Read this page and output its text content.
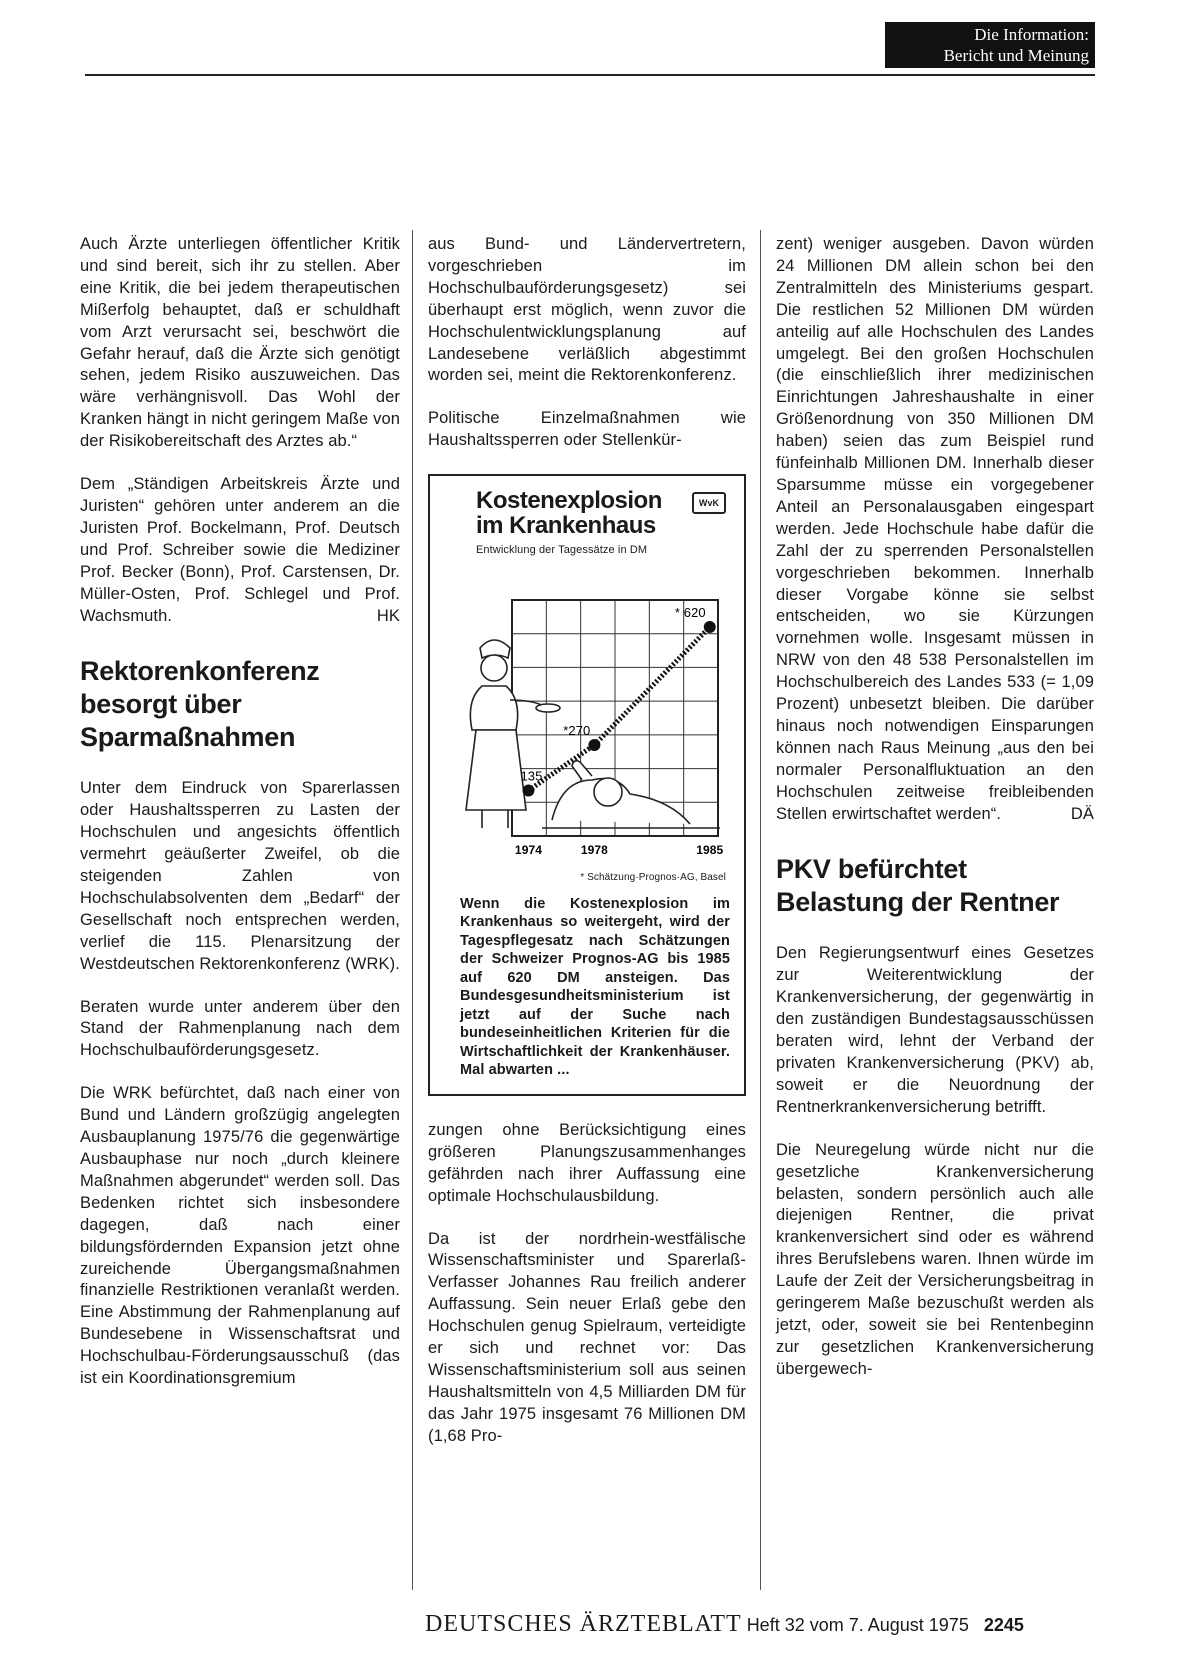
Die Information:
Bericht und Meinung

Auch Ärzte unterliegen öffentlicher Kritik und sind bereit, sich ihr zu stellen. Aber eine Kritik, die bei jedem therapeutischen Mißerfolg behauptet, daß er schuldhaft vom Arzt verursacht sei, beschwört die Gefahr herauf, daß die Ärzte sich genötigt sehen, jedem Risiko auszuweichen. Das wäre verhängnisvoll. Das Wohl der Kranken hängt in nicht geringem Maße von der Risikobereitschaft des Arztes ab.“

Dem „Ständigen Arbeitskreis Ärzte und Juristen“ gehören unter anderem an die Juristen Prof. Bockelmann, Prof. Deutsch und Prof. Schreiber sowie die Mediziner Prof. Becker (Bonn), Prof. Carstensen, Dr. Müller-Osten, Prof. Schlegel und Prof. Wachsmuth.	HK

Rektorenkonferenz besorgt über Sparmaßnahmen

Unter dem Eindruck von Sparerlassen oder Haushaltssperren zu Lasten der Hochschulen und angesichts öffentlich vermehrt geäußerter Zweifel, ob die steigenden Zahlen von Hochschulabsolventen dem „Bedarf“ der Gesellschaft noch entsprechen werden, verlief die 115. Plenarsitzung der Westdeutschen Rektorenkonferenz (WRK).

Beraten wurde unter anderem über den Stand der Rahmenplanung nach dem Hochschulbauförderungsgesetz.

Die WRK befürchtet, daß nach einer von Bund und Ländern großzügig angelegten Ausbauplanung 1975/76 die gegenwärtige Ausbauphase nur noch „durch kleinere Maßnahmen abgerundet“ werden soll. Das Bedenken richtet sich insbesondere dagegen, daß nach einer bildungsfördernden Expansion jetzt ohne zureichende Übergangsmaßnahmen finanzielle Restriktionen veranlaßt werden. Eine Abstimmung der Rahmenplanung auf Bundesebene in Wissenschaftsrat und Hochschulbau-Förderungsausschuß (das ist ein Koordinationsgremium

aus Bund- und Ländervertretern, vorgeschrieben im Hochschulbauförderungsgesetz) sei überhaupt erst möglich, wenn zuvor die Hochschulentwicklungsplanung auf Landesebene verläßlich abgestimmt worden sei, meint die Rektorenkonferenz.

Politische Einzelmaßnahmen wie Haushaltssperren oder Stellenkür-

WvK
Kostenexplosion
im Krankenhaus
Entwicklung der Tagessätze in DM
135
*270
* 620
1974	1978	1985
* Schätzung·Prognos·AG, Basel
Wenn die Kostenexplosion im Krankenhaus so weitergeht, wird der Tagespflegesatz nach Schätzungen der Schweizer Prognos-AG bis 1985 auf 620 DM ansteigen. Das Bundesgesundheitsministerium ist jetzt auf der Suche nach bundeseinheitlichen Kriterien für die Wirtschaftlichkeit der Krankenhäuser. Mal abwarten ...

zungen ohne Berücksichtigung eines größeren Planungszusammenhanges gefährden nach ihrer Auffassung eine optimale Hochschulausbildung.

Da ist der nordrhein-westfälische Wissenschaftsminister und Sparerlaß-Verfasser Johannes Rau freilich anderer Auffassung. Sein neuer Erlaß gebe den Hochschulen genug Spielraum, verteidigte er sich und rechnet vor: Das Wissenschaftsministerium soll aus seinen Haushaltsmitteln von 4,5 Milliarden DM für das Jahr 1975 insgesamt 76 Millionen DM (1,68 Pro-

zent) weniger ausgeben. Davon würden 24 Millionen DM allein schon bei den Zentralmitteln des Ministeriums gespart. Die restlichen 52 Millionen DM würden anteilig auf alle Hochschulen des Landes umgelegt. Bei den großen Hochschulen (die einschließlich ihrer medizinischen Einrichtungen Jahreshaushalte in einer Größenordnung von 350 Millionen DM haben) seien das zum Beispiel rund fünfeinhalb Millionen DM. Innerhalb dieser Sparsumme müsse ein vorgegebener Anteil an Personalausgaben eingespart werden. Jede Hochschule habe dafür die Zahl der zu sperrenden Personalstellen vorgeschrieben bekommen. Innerhalb dieser Vorgabe könne sie selbst entscheiden, wo sie Kürzungen vornehmen wolle. Insgesamt müssen in NRW von den 48 538 Personalstellen im Hochschulbereich des Landes 533 (= 1,09 Prozent) unbesetzt bleiben. Die darüber hinaus noch notwendigen Einsparungen können nach Raus Meinung „aus den bei normaler Personalfluktuation an den Hochschulen zeitweise freibleibenden Stellen erwirtschaftet werden“.	DÄ

PKV befürchtet Belastung der Rentner

Den Regierungsentwurf eines Gesetzes zur Weiterentwicklung der Krankenversicherung, der gegenwärtig in den zuständigen Bundestagsausschüssen beraten wird, lehnt der Verband der privaten Krankenversicherung (PKV) ab, soweit er die Neuordnung der Rentnerkrankenversicherung betrifft.

Die Neuregelung würde nicht nur die gesetzliche Krankenversicherung belasten, sondern persönlich auch alle diejenigen Rentner, die privat krankenversichert sind oder es während ihres Berufslebens waren. Ihnen würde im Laufe der Zeit der Versicherungsbeitrag in geringerem Maße bezuschußt werden als jetzt, oder, soweit sie bei Rentenbeginn zur gesetzlichen Krankenversicherung übergewech-

DEUTSCHES ÄRZTEBLATT Heft 32 vom 7. August 1975 2245
